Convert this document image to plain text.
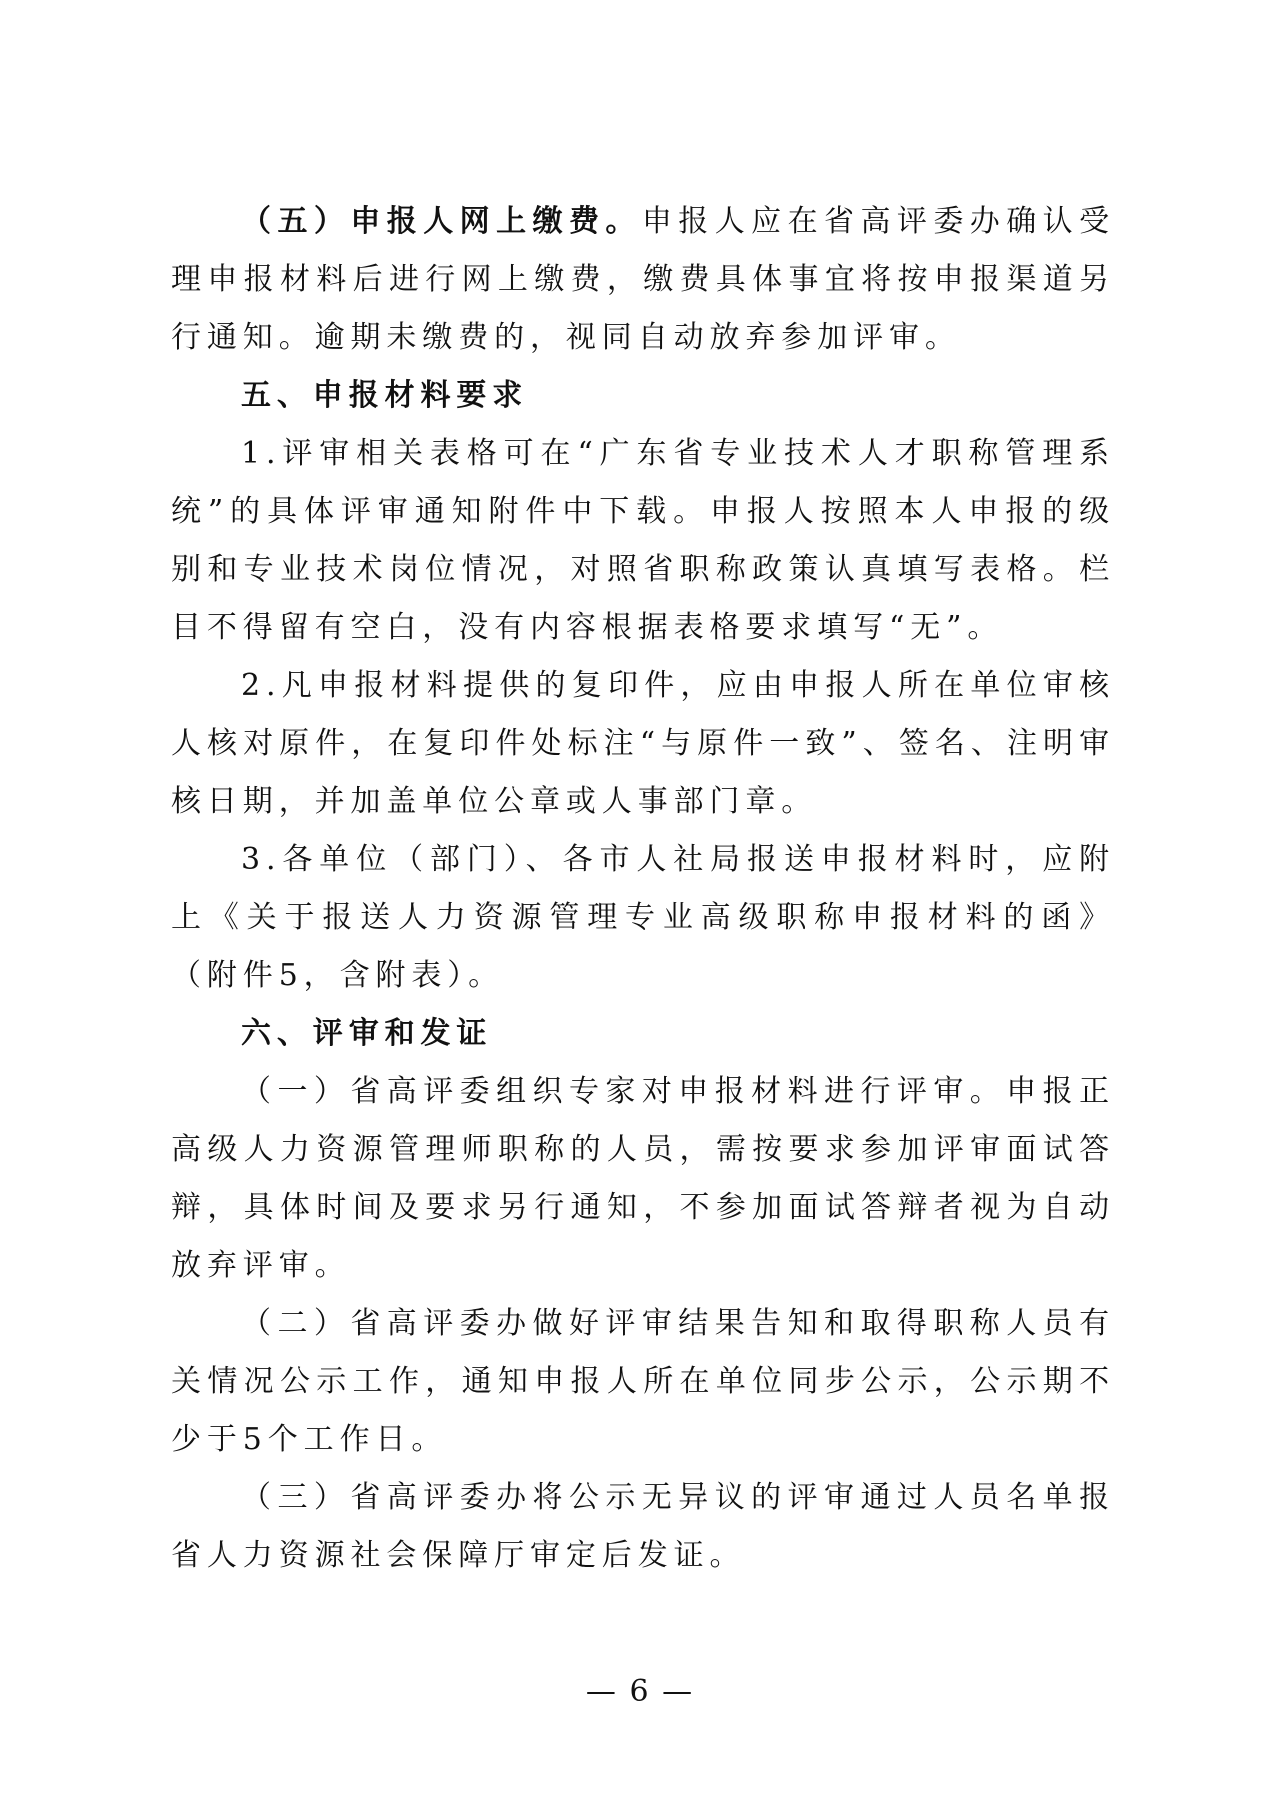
（五）申报人网上缴费。申报人应在省高评委办确认受理申报材料后进行网上缴费，缴费具体事宜将按申报渠道另行通知。逾期未缴费的，视同自动放弃参加评审。

五、申报材料要求

1.评审相关表格可在“广东省专业技术人才职称管理系统”的具体评审通知附件中下载。申报人按照本人申报的级别和专业技术岗位情况，对照省职称政策认真填写表格。栏目不得留有空白，没有内容根据表格要求填写“无”。

2.凡申报材料提供的复印件，应由申报人所在单位审核人核对原件，在复印件处标注“与原件一致”、签名、注明审核日期，并加盖单位公章或人事部门章。

3.各单位（部门）、各市人社局报送申报材料时，应附上《关于报送人力资源管理专业高级职称申报材料的函》（附件5，含附表）。

六、评审和发证

（一）省高评委组织专家对申报材料进行评审。申报正高级人力资源管理师职称的人员，需按要求参加评审面试答辩，具体时间及要求另行通知，不参加面试答辩者视为自动放弃评审。

（二）省高评委办做好评审结果告知和取得职称人员有关情况公示工作，通知申报人所在单位同步公示，公示期不少于5个工作日。

（三）省高评委办将公示无异议的评审通过人员名单报省人力资源社会保障厅审定后发证。

— 6 —
